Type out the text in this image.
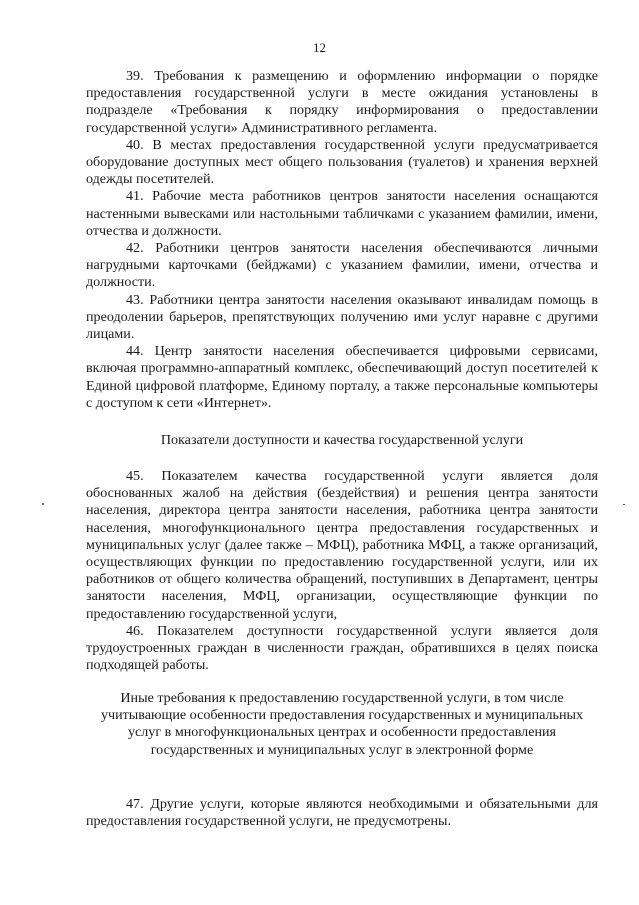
12

39. Требования к размещению и оформлению информации о порядке предоставления государственной услуги в месте ожидания установлены в подразделе «Требования к порядку информирования о предоставлении государственной услуги» Административного регламента.

40. В местах предоставления государственной услуги предусматривается оборудование доступных мест общего пользования (туалетов) и хранения верхней одежды посетителей.

41. Рабочие места работников центров занятости населения оснащаются настенными вывесками или настольными табличками с указанием фамилии, имени, отчества и должности.

42. Работники центров занятости населения обеспечиваются личными нагрудными карточками (бейджами) с указанием фамилии, имени, отчества и должности.

43. Работники центра занятости населения оказывают инвалидам помощь в преодолении барьеров, препятствующих получению ими услуг наравне с другими лицами.

44. Центр занятости населения обеспечивается цифровыми сервисами, включая программно-аппаратный комплекс, обеспечивающий доступ посетителей к Единой цифровой платформе, Единому порталу, а также персональные компьютеры с доступом к сети «Интернет».

Показатели доступности и качества государственной услуги

45. Показателем качества государственной услуги является доля обоснованных жалоб на действия (бездействия) и решения центра занятости населения, директора центра занятости населения, работника центра занятости населения, многофункционального центра предоставления государственных и муниципальных услуг (далее также – МФЦ), работника МФЦ, а также организаций, осуществляющих функции по предоставлению государственной услуги, или их работников от общего количества обращений, поступивших в Департамент, центры занятости населения, МФЦ, организации, осуществляющие функции по предоставлению государственной услуги,

46. Показателем доступности государственной услуги является доля трудоустроенных граждан в численности граждан, обратившихся в целях поиска подходящей работы.

Иные требования к предоставлению государственной услуги, в том числе учитывающие особенности предоставления государственных и муниципальных услуг в многофункциональных центрах и особенности предоставления государственных и муниципальных услуг в электронной форме

47. Другие услуги, которые являются необходимыми и обязательными для предоставления государственной услуги, не предусмотрены.
